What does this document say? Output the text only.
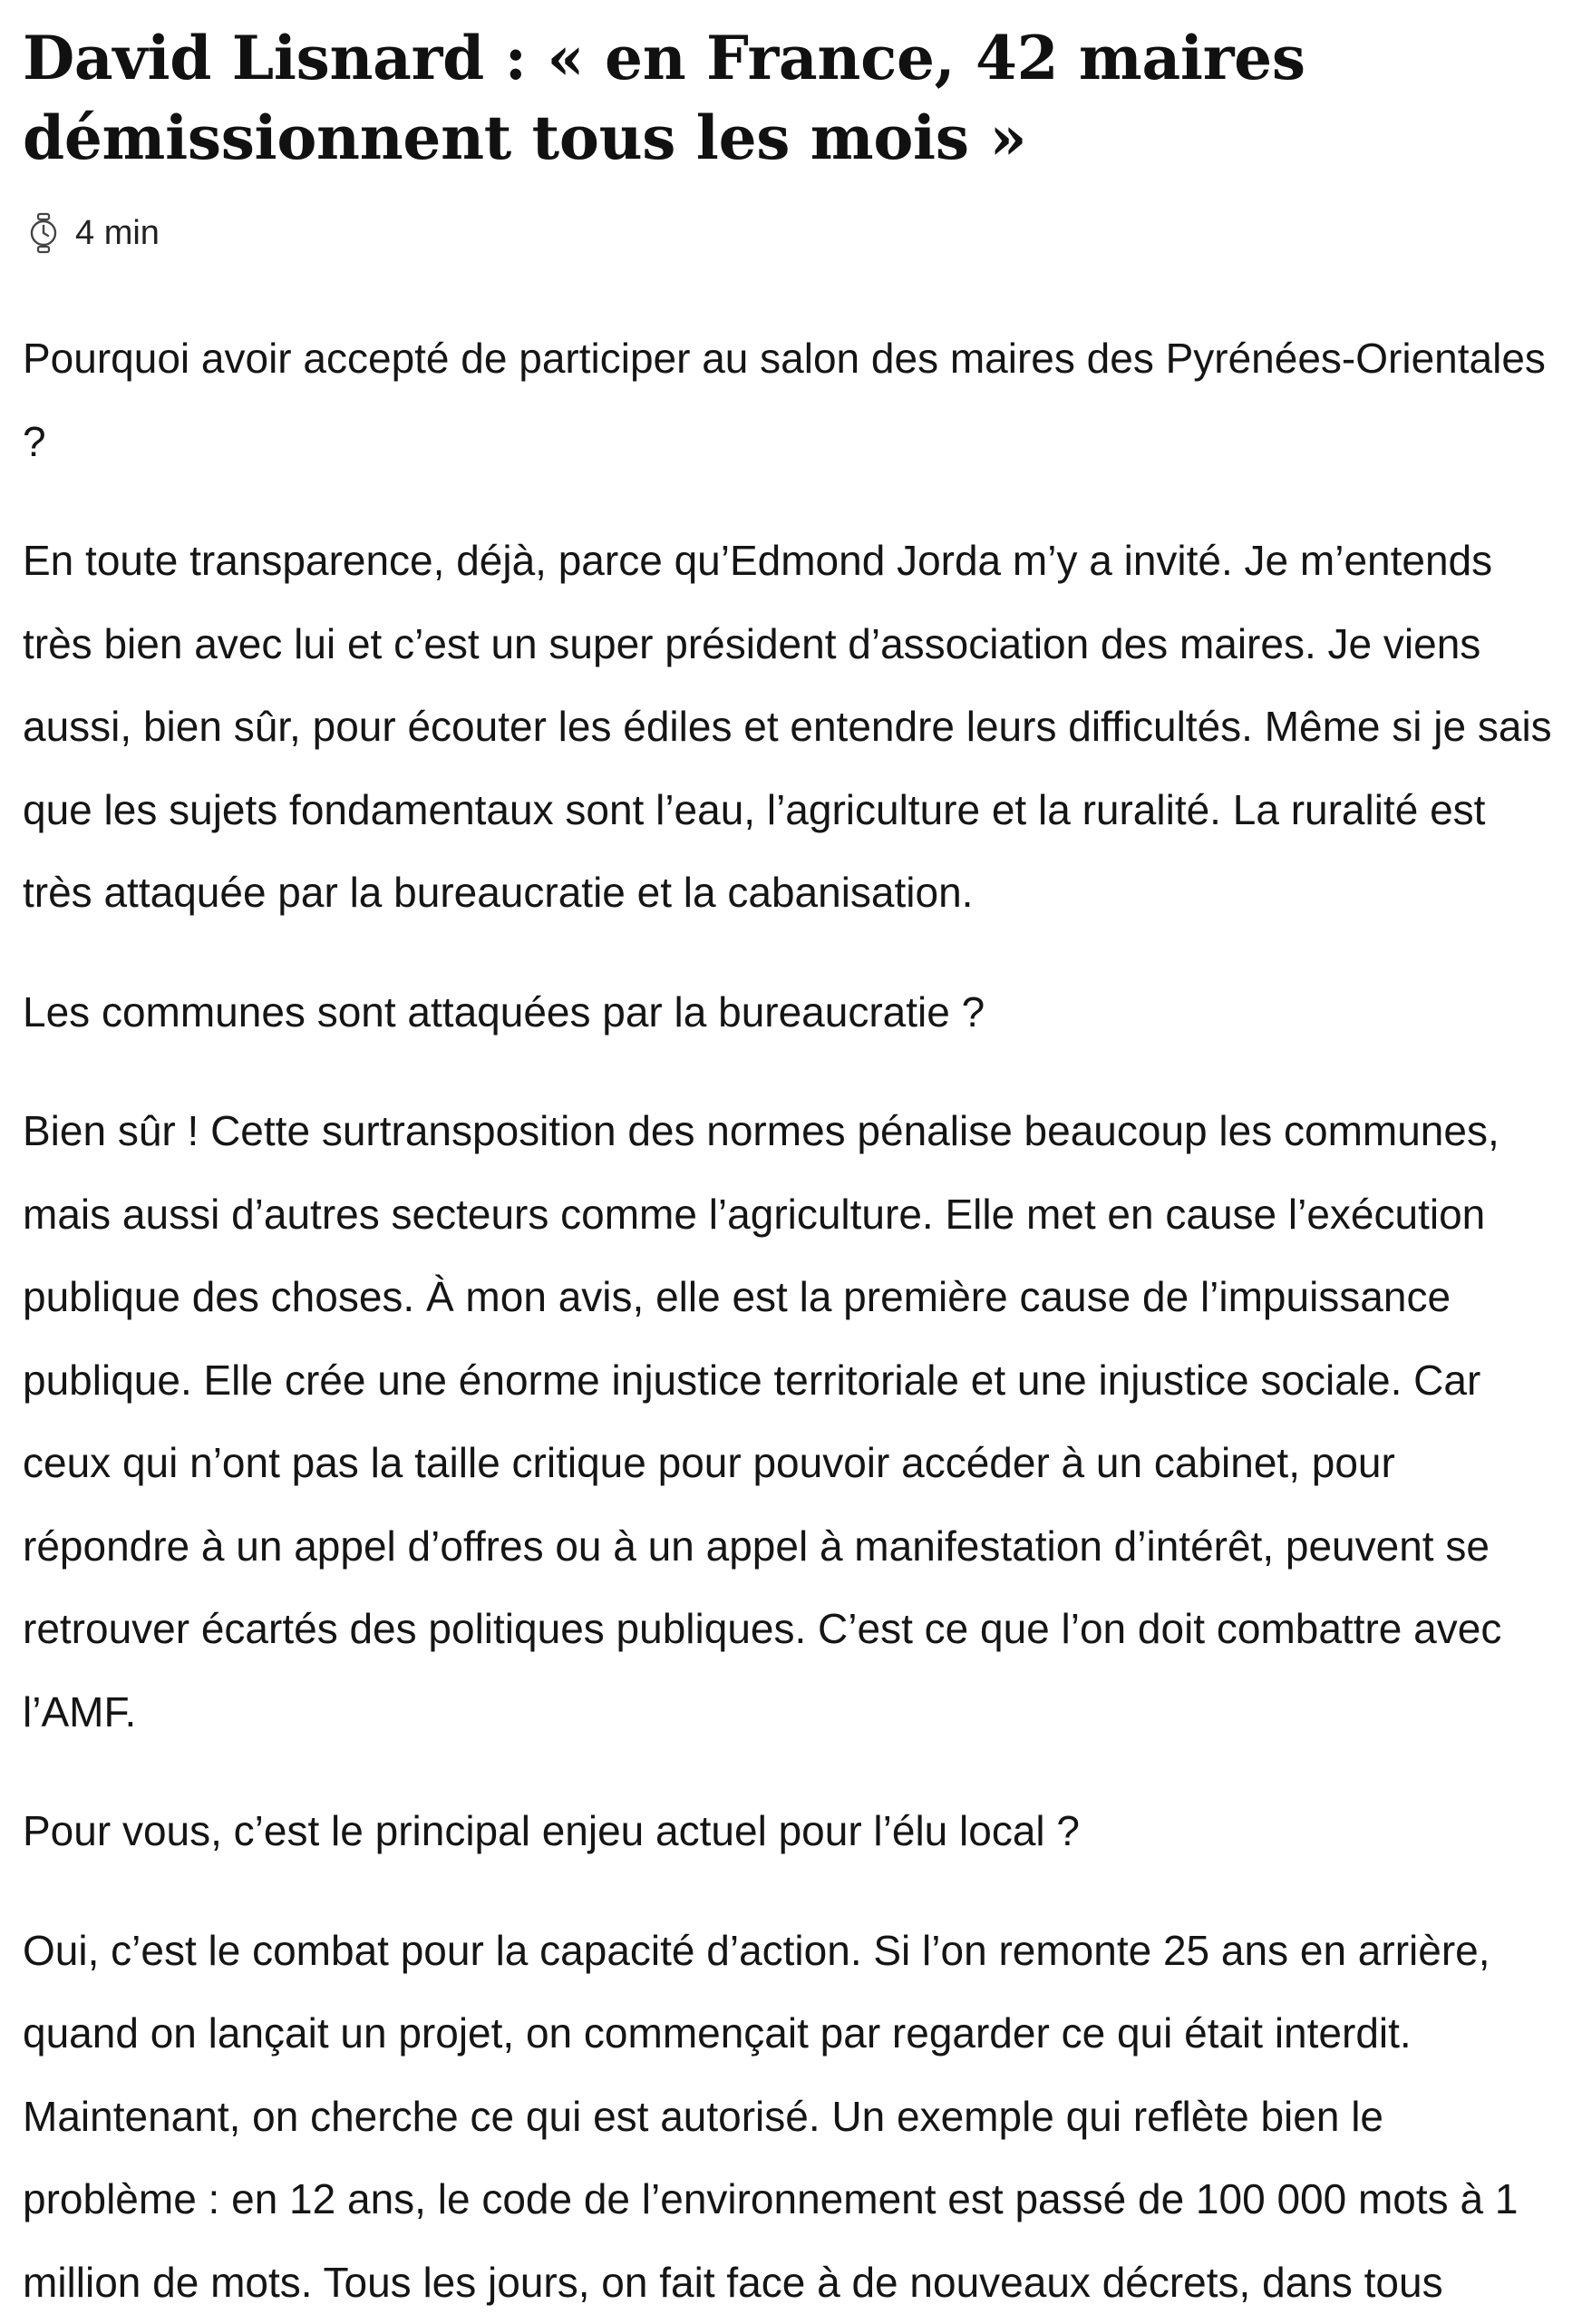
David Lisnard : « en France, 42 maires démissionnent tous les mois »
4 min

Pourquoi avoir accepté de participer au salon des maires des Pyrénées-Orientales ?

En toute transparence, déjà, parce qu’Edmond Jorda m’y a invité. Je m’entends très bien avec lui et c’est un super président d’association des maires. Je viens aussi, bien sûr, pour écouter les édiles et entendre leurs difficultés. Même si je sais que les sujets fondamentaux sont l’eau, l’agriculture et la ruralité. La ruralité est très attaquée par la bureaucratie et la cabanisation.

Les communes sont attaquées par la bureaucratie ?

Bien sûr ! Cette surtransposition des normes pénalise beaucoup les communes, mais aussi d’autres secteurs comme l’agriculture. Elle met en cause l’exécution publique des choses. À mon avis, elle est la première cause de l’impuissance publique. Elle crée une énorme injustice territoriale et une injustice sociale. Car ceux qui n’ont pas la taille critique pour pouvoir accéder à un cabinet, pour répondre à un appel d’offres ou à un appel à manifestation d’intérêt, peuvent se retrouver écartés des politiques publiques. C’est ce que l’on doit combattre avec l’AMF.

Pour vous, c’est le principal enjeu actuel pour l’élu local ?

Oui, c’est le combat pour la capacité d’action. Si l’on remonte 25 ans en arrière, quand on lançait un projet, on commençait par regarder ce qui était interdit. Maintenant, on cherche ce qui est autorisé. Un exemple qui reflète bien le problème : en 12 ans, le code de l’environnement est passé de 100 000 mots à 1 million de mots. Tous les jours, on fait face à de nouveaux décrets, dans tous
